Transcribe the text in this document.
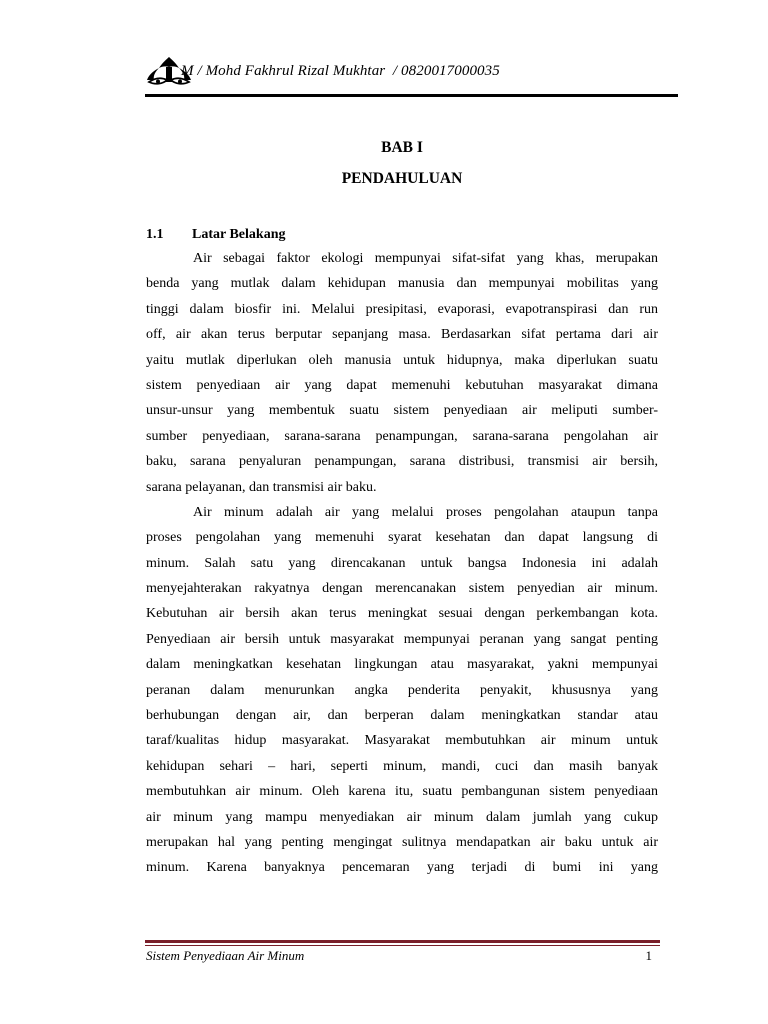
M / Mohd Fakhrul Rizal Mukhtar  / 0820017000035
BAB I
PENDAHULUAN
1.1 Latar Belakang
Air sebagai faktor ekologi mempunyai sifat-sifat yang khas, merupakan
benda yang mutlak dalam kehidupan manusia dan mempunyai mobilitas yang
tinggi dalam biosfir ini. Melalui presipitasi, evaporasi, evapotranspirasi dan run
off, air akan terus berputar sepanjang masa. Berdasarkan sifat pertama dari air
yaitu mutlak diperlukan oleh manusia untuk hidupnya, maka diperlukan suatu
sistem penyediaan air yang dapat memenuhi kebutuhan masyarakat dimana
unsur-unsur yang membentuk suatu sistem penyediaan air meliputi sumber-
sumber penyediaan, sarana-sarana penampungan, sarana-sarana pengolahan air
baku, sarana penyaluran penampungan, sarana distribusi, transmisi air bersih,
sarana pelayanan, dan transmisi air baku.
Air minum adalah air yang melalui proses pengolahan ataupun tanpa
proses pengolahan yang memenuhi syarat kesehatan dan dapat langsung di
minum. Salah satu yang direncakanan untuk bangsa Indonesia ini adalah
menyejahterakan rakyatnya dengan merencanakan sistem penyedian air minum.
Kebutuhan air bersih akan terus meningkat sesuai dengan perkembangan kota.
Penyediaan air bersih untuk masyarakat mempunyai peranan yang sangat penting
dalam meningkatkan kesehatan lingkungan atau masyarakat, yakni mempunyai
peranan dalam menurunkan angka penderita penyakit, khususnya yang
berhubungan dengan air, dan berperan dalam meningkatkan standar atau
taraf/kualitas hidup masyarakat. Masyarakat membutuhkan air minum untuk
kehidupan sehari – hari, seperti minum, mandi, cuci dan masih banyak
membutuhkan air minum. Oleh karena itu, suatu pembangunan sistem penyediaan
air minum yang mampu menyediakan air minum dalam jumlah yang cukup
merupakan hal yang penting mengingat sulitnya mendapatkan air baku untuk air
minum. Karena banyaknya pencemaran yang terjadi di bumi ini yang
Sistem Penyediaan Air Minum	1
